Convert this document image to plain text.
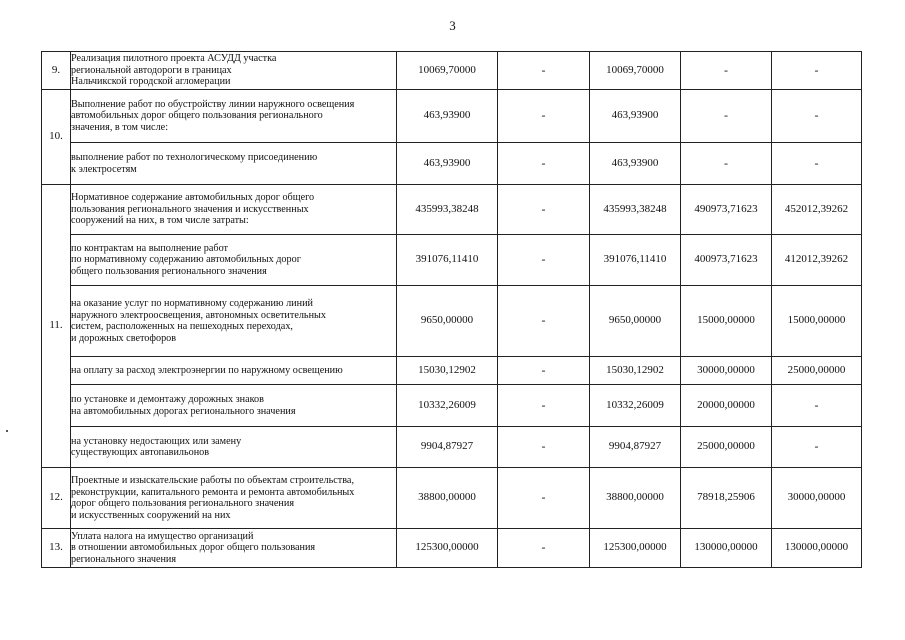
3
9.	Реализация пилотного проекта АСУДД участка
региональной автодороги в границах
Нальчикской городской агломерации	10069,70000	-	10069,70000	-	-
10.	Выполнение работ по обустройству линии наружного освещения
автомобильных дорог общего пользования регионального
значения, в том числе:	463,93900	-	463,93900	-	-
	выполнение работ по технологическому присоединению
к электросетям	463,93900	-	463,93900	-	-
11.	Нормативное содержание автомобильных дорог общего
пользования регионального значения и искусственных
сооружений на них, в том числе затраты:	435993,38248	-	435993,38248	490973,71623	452012,39262
	по контрактам на выполнение работ
по нормативному содержанию автомобильных дорог
общего пользования регионального значения	391076,11410	-	391076,11410	400973,71623	412012,39262
	на оказание услуг по нормативному содержанию линий
наружного электроосвещения, автономных осветительных
систем, расположенных на пешеходных переходах,
и дорожных светофоров	9650,00000	-	9650,00000	15000,00000	15000,00000
	на оплату за расход электроэнергии по наружному освещению	15030,12902	-	15030,12902	30000,00000	25000,00000
	по установке и демонтажу дорожных знаков
на автомобильных дорогах регионального значения	10332,26009	-	10332,26009	20000,00000	-
	на установку недостающих или замену
существующих автопавильонов	9904,87927	-	9904,87927	25000,00000	-
12.	Проектные и изыскательские работы по объектам строительства,
реконструкции, капитального ремонта и ремонта автомобильных
дорог общего пользования регионального значения
и искусственных сооружений на них	38800,00000	-	38800,00000	78918,25906	30000,00000
13.	Уплата налога на имущество организаций
в отношении автомобильных дорог общего пользования
регионального значения	125300,00000	-	125300,00000	130000,00000	130000,00000
